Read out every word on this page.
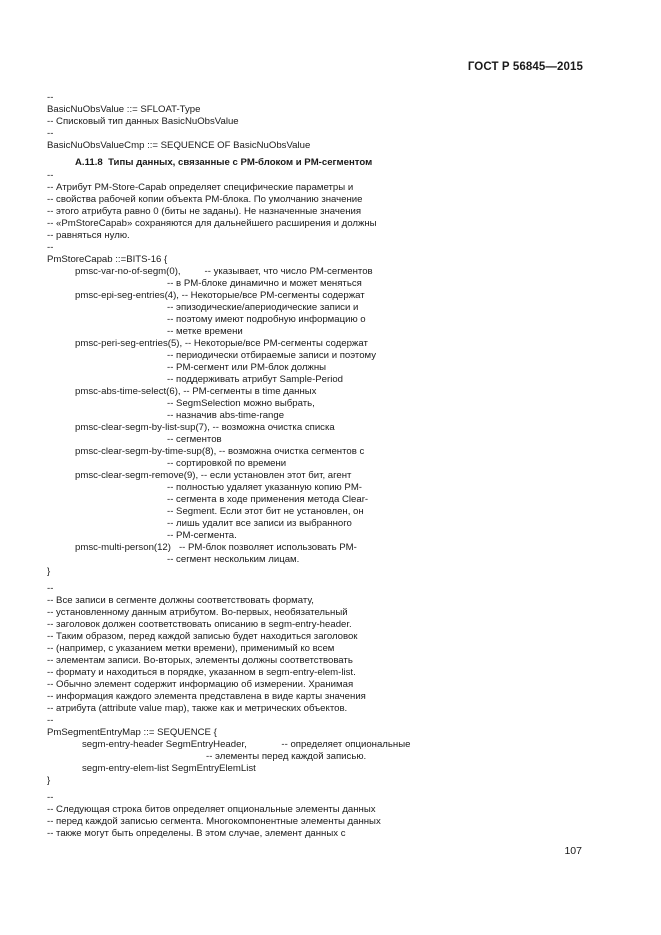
ГОСТ Р 56845—2015
--
BasicNuObsValue ::= SFLOAT-Type
-- Списковый тип данных BasicNuObsValue
--
BasicNuObsValueCmp ::= SEQUENCE OF BasicNuObsValue
A.11.8  Типы данных, связанные с PM-блоком и PM-сегментом
--
-- Атрибут PM-Store-Capab определяет специфические параметры и
-- свойства рабочей копии объекта PM-блока. По умолчанию значение
-- этого атрибута равно 0 (биты не заданы). Не назначенные значения
-- «PmStoreCapab» сохраняются для дальнейшего расширения и должны
-- равняться нулю.
--
PmStoreCapab ::=BITS-16 {
pmsc-var-no-of-segm(0),         -- указывает, что число PM-сегментов
-- в PM-блоке динамично и может меняться
pmsc-epi-seg-entries(4), -- Некоторые/все PM-сегменты содержат
-- эпизодические/апериодические записи и
-- поэтому имеют подробную информацию о
-- метке времени
pmsc-peri-seg-entries(5), -- Некоторые/все PM-сегменты содержат
-- периодически отбираемые записи и поэтому
-- PM-сегмент или PM-блок должны
-- поддерживать атрибут Sample-Period
pmsc-abs-time-select(6), -- PM-сегменты в time данных
-- SegmSelection можно выбрать,
-- назначив abs-time-range
pmsc-clear-segm-by-list-sup(7), -- возможна очистка списка
-- сегментов
pmsc-clear-segm-by-time-sup(8), -- возможна очистка сегментов с
-- сортировкой по времени
pmsc-clear-segm-remove(9), -- если установлен этот бит, агент
-- полностью удаляет указанную копию PM-
-- сегмента в ходе применения метода Clear-
-- Segment. Если этот бит не установлен, он
-- лишь удалит все записи из выбранного
-- PM-сегмента.
pmsc-multi-person(12)   -- PM-блок позволяет использовать PM-
-- сегмент нескольким лицам.
}
--
-- Все записи в сегменте должны соответствовать формату,
-- установленному данным атрибутом. Во-первых, необязательный
-- заголовок должен соответствовать описанию в segm-entry-header.
-- Таким образом, перед каждой записью будет находиться заголовок
-- (например, с указанием метки времени), применимый ко всем
-- элементам записи. Во-вторых, элементы должны соответствовать
-- формату и находиться в порядке, указанном в segm-entry-elem-list.
-- Обычно элемент содержит информацию об измерении. Хранимая
-- информация каждого элемента представлена в виде карты значения
-- атрибута (attribute value map), также как и метрических объектов.
--
PmSegmentEntryMap ::= SEQUENCE {
segm-entry-header SegmEntryHeader,             -- определяет опциональные
-- элементы перед каждой записью.
segm-entry-elem-list SegmEntryElemList
}
--
-- Следующая строка битов определяет опциональные элементы данных
-- перед каждой записью сегмента. Многокомпонентные элементы данных
-- также могут быть определены. В этом случае, элемент данных с
107
